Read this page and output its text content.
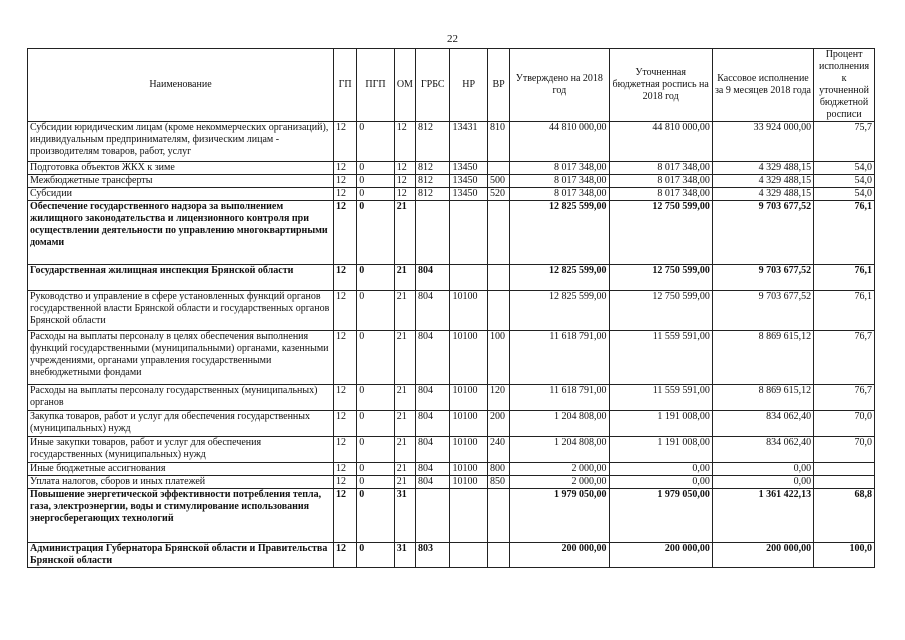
22
Наименование	ГП	ПГП	ОМ	ГРБС	НР	ВР	Утверждено на 2018 год	Уточненная бюджетная роспись на 2018 год	Кассовое исполнение за 9 месяцев 2018 года	Процент исполнения к уточненной бюджетной росписи
Субсидии юридическим лицам (кроме некоммерческих организаций), индивидуальным предпринимателям, физическим лицам - производителям товаров, работ, услуг	12	0	12	812	13431	810	44 810 000,00	44 810 000,00	33 924 000,00	75,7
Подготовка объектов ЖКХ к зиме	12	0	12	812	13450		8 017 348,00	8 017 348,00	4 329 488,15	54,0
Межбюджетные трансферты	12	0	12	812	13450	500	8 017 348,00	8 017 348,00	4 329 488,15	54,0
Субсидии	12	0	12	812	13450	520	8 017 348,00	8 017 348,00	4 329 488,15	54,0
Обеспечение государственного надзора за выполнением жилищного законодательства и лицензионного контроля при осуществлении деятельности по управлению многоквартирными домами	12	0	21				12 825 599,00	12 750 599,00	9 703 677,52	76,1
Государственная жилищная инспекция Брянской области	12	0	21	804			12 825 599,00	12 750 599,00	9 703 677,52	76,1
Руководство и управление в сфере установленных функций органов государственной власти Брянской области и государственных органов Брянской области	12	0	21	804	10100		12 825 599,00	12 750 599,00	9 703 677,52	76,1
Расходы на выплаты персоналу в целях обеспечения выполнения функций государственными (муниципальными) органами, казенными учреждениями, органами управления государственными внебюджетными фондами	12	0	21	804	10100	100	11 618 791,00	11 559 591,00	8 869 615,12	76,7
Расходы на выплаты персоналу государственных (муниципальных) органов	12	0	21	804	10100	120	11 618 791,00	11 559 591,00	8 869 615,12	76,7
Закупка товаров, работ и услуг для обеспечения государственных (муниципальных) нужд	12	0	21	804	10100	200	1 204 808,00	1 191 008,00	834 062,40	70,0
Иные закупки товаров, работ и услуг для обеспечения государственных (муниципальных) нужд	12	0	21	804	10100	240	1 204 808,00	1 191 008,00	834 062,40	70,0
Иные бюджетные ассигнования	12	0	21	804	10100	800	2 000,00	0,00	0,00	
Уплата налогов, сборов и иных платежей	12	0	21	804	10100	850	2 000,00	0,00	0,00	
Повышение энергетической эффективности потребления тепла, газа, электроэнергии, воды и стимулирование использования энергосберегающих технологий	12	0	31				1 979 050,00	1 979 050,00	1 361 422,13	68,8
Администрация Губернатора Брянской области и Правительства Брянской области	12	0	31	803			200 000,00	200 000,00	200 000,00	100,0
